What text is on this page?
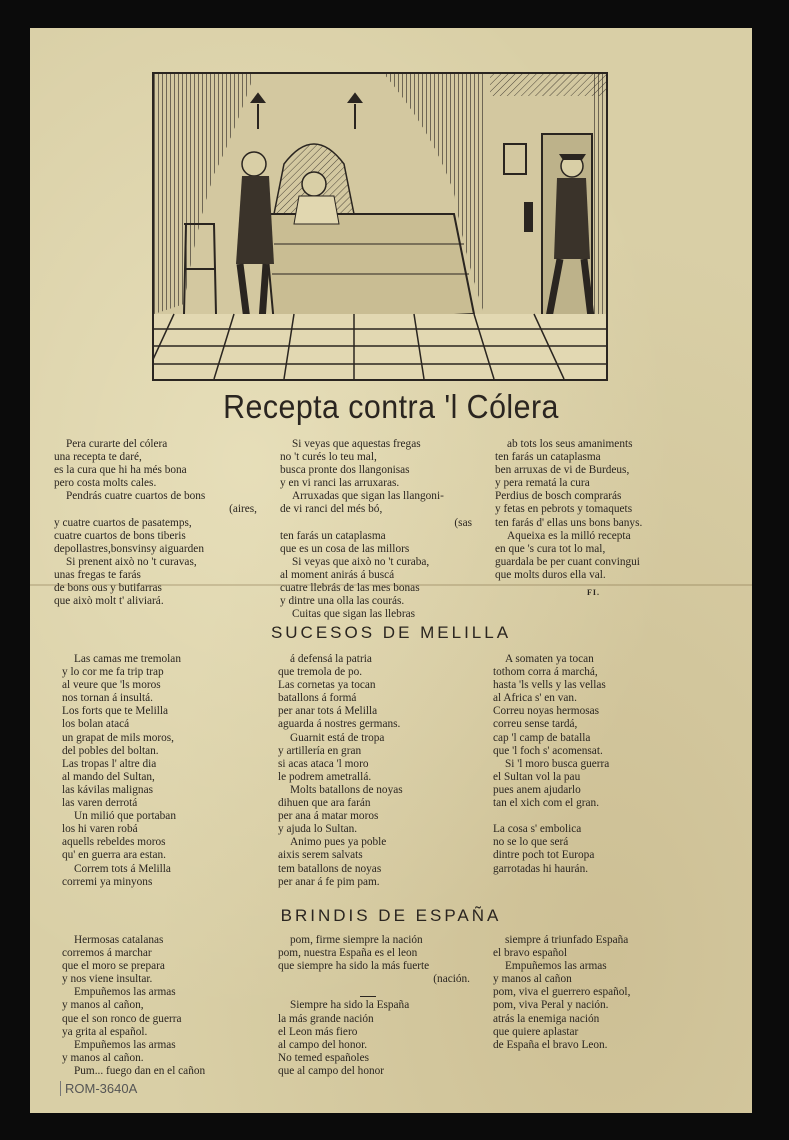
Recepta contra 'l Cólera
Pera curarte del cólera
una recepta te daré,
es la cura que hi ha més bona
pero costa molts cales.
Pendrás cuatre cuartos de bons
(aires,
y cuatre cuartos de pasatemps,
cuatre cuartos de bons tiberis
depollastres,bonsvinsy aiguarden
Si prenent això no 't curavas,
unas fregas te farás
de bons ous y butifarras
que això molt t' aliviará.
Si veyas que aquestas fregas
no 't curés lo teu mal,
busca pronte dos llangonisas
y en vi ranci las arruxaras.
Arruxadas que sigan las llangoni-
de vi ranci del més bó,
(sas
ten farás un cataplasma
que es un cosa de las millors
Si veyas que això no 't curaba,
al moment anirás á buscá
cuatre llebrás de las mes bonas
y dintre una olla las courás.
Cuitas que sigan las llebras
ab tots los seus amaniments
ten farás un cataplasma
ben arruxas de vi de Burdeus,
y pera rematá la cura
Perdius de bosch comprarás
y fetas en pebrots y tomaquets
ten farás d' ellas uns bons banys.
Aqueixa es la milló recepta
en que 's cura tot lo mal,
guardala be per cuant convingui
que molts duros ella val.
FI.
SUCESOS DE MELILLA
Las camas me tremolan
y lo cor me fa trip trap
al veure que 'ls moros
nos tornan á insultá.
Los forts que te Melilla
los bolan atacá
un grapat de mils moros,
del pobles del boltan.
Las tropas l' altre dia
al mando del Sultan,
las kávilas malignas
las varen derrotá
Un milió que portaban
los hi varen robá
aquells rebeldes moros
qu' en guerra ara estan.
Correm tots á Melilla
corremi ya minyons
á defensá la patria
que tremola de po.
Las cornetas ya tocan
batallons á formá
per anar tots á Melilla
aguarda á nostres germans.
Guarnit está de tropa
y artillería en gran
si acas ataca 'l moro
le podrem ametrallá.
Molts batallons de noyas
dihuen que ara farán
per ana á matar moros
y ajuda lo Sultan.
Animo pues ya poble
aixis serem salvats
tem batallons de noyas
per anar á fe pim pam.
A somaten ya tocan
tothom corra á marchá,
hasta 'ls vells y las vellas
al Africa s' en van.
Correu noyas hermosas
correu sense tardá,
cap 'l camp de batalla
que 'l foch s' acomensat.
Si 'l moro busca guerra
el Sultan vol la pau
pues anem ajudarlo
tan el xich com el gran.
La cosa s' embolica
no se lo que será
dintre poch tot Europa
garrotadas hi haurán.
BRINDIS DE ESPAÑA
Hermosas catalanas
corremos á marchar
que el moro se prepara
y nos viene insultar.
Empuñemos las armas
y manos al cañon,
que el son ronco de guerra
ya grita al español.
Empuñemos las armas
y manos al cañon.
Pum... fuego dan en el cañon
pom, firme siempre la nación
pom, nuestra España es el leon
que siempre ha sido la más fuerte
(nación.
Siempre ha sido la España
la más grande nación
el Leon más fiero
al campo del honor.
No temed españoles
que al campo del honor
siempre á triunfado España
el bravo español
Empuñemos las armas
y manos al cañon
pom, viva el guerrero español,
pom, viva Peral y nación.
atrás la enemiga nación
que quiere aplastar
de España el bravo Leon.
ROM-3640A
